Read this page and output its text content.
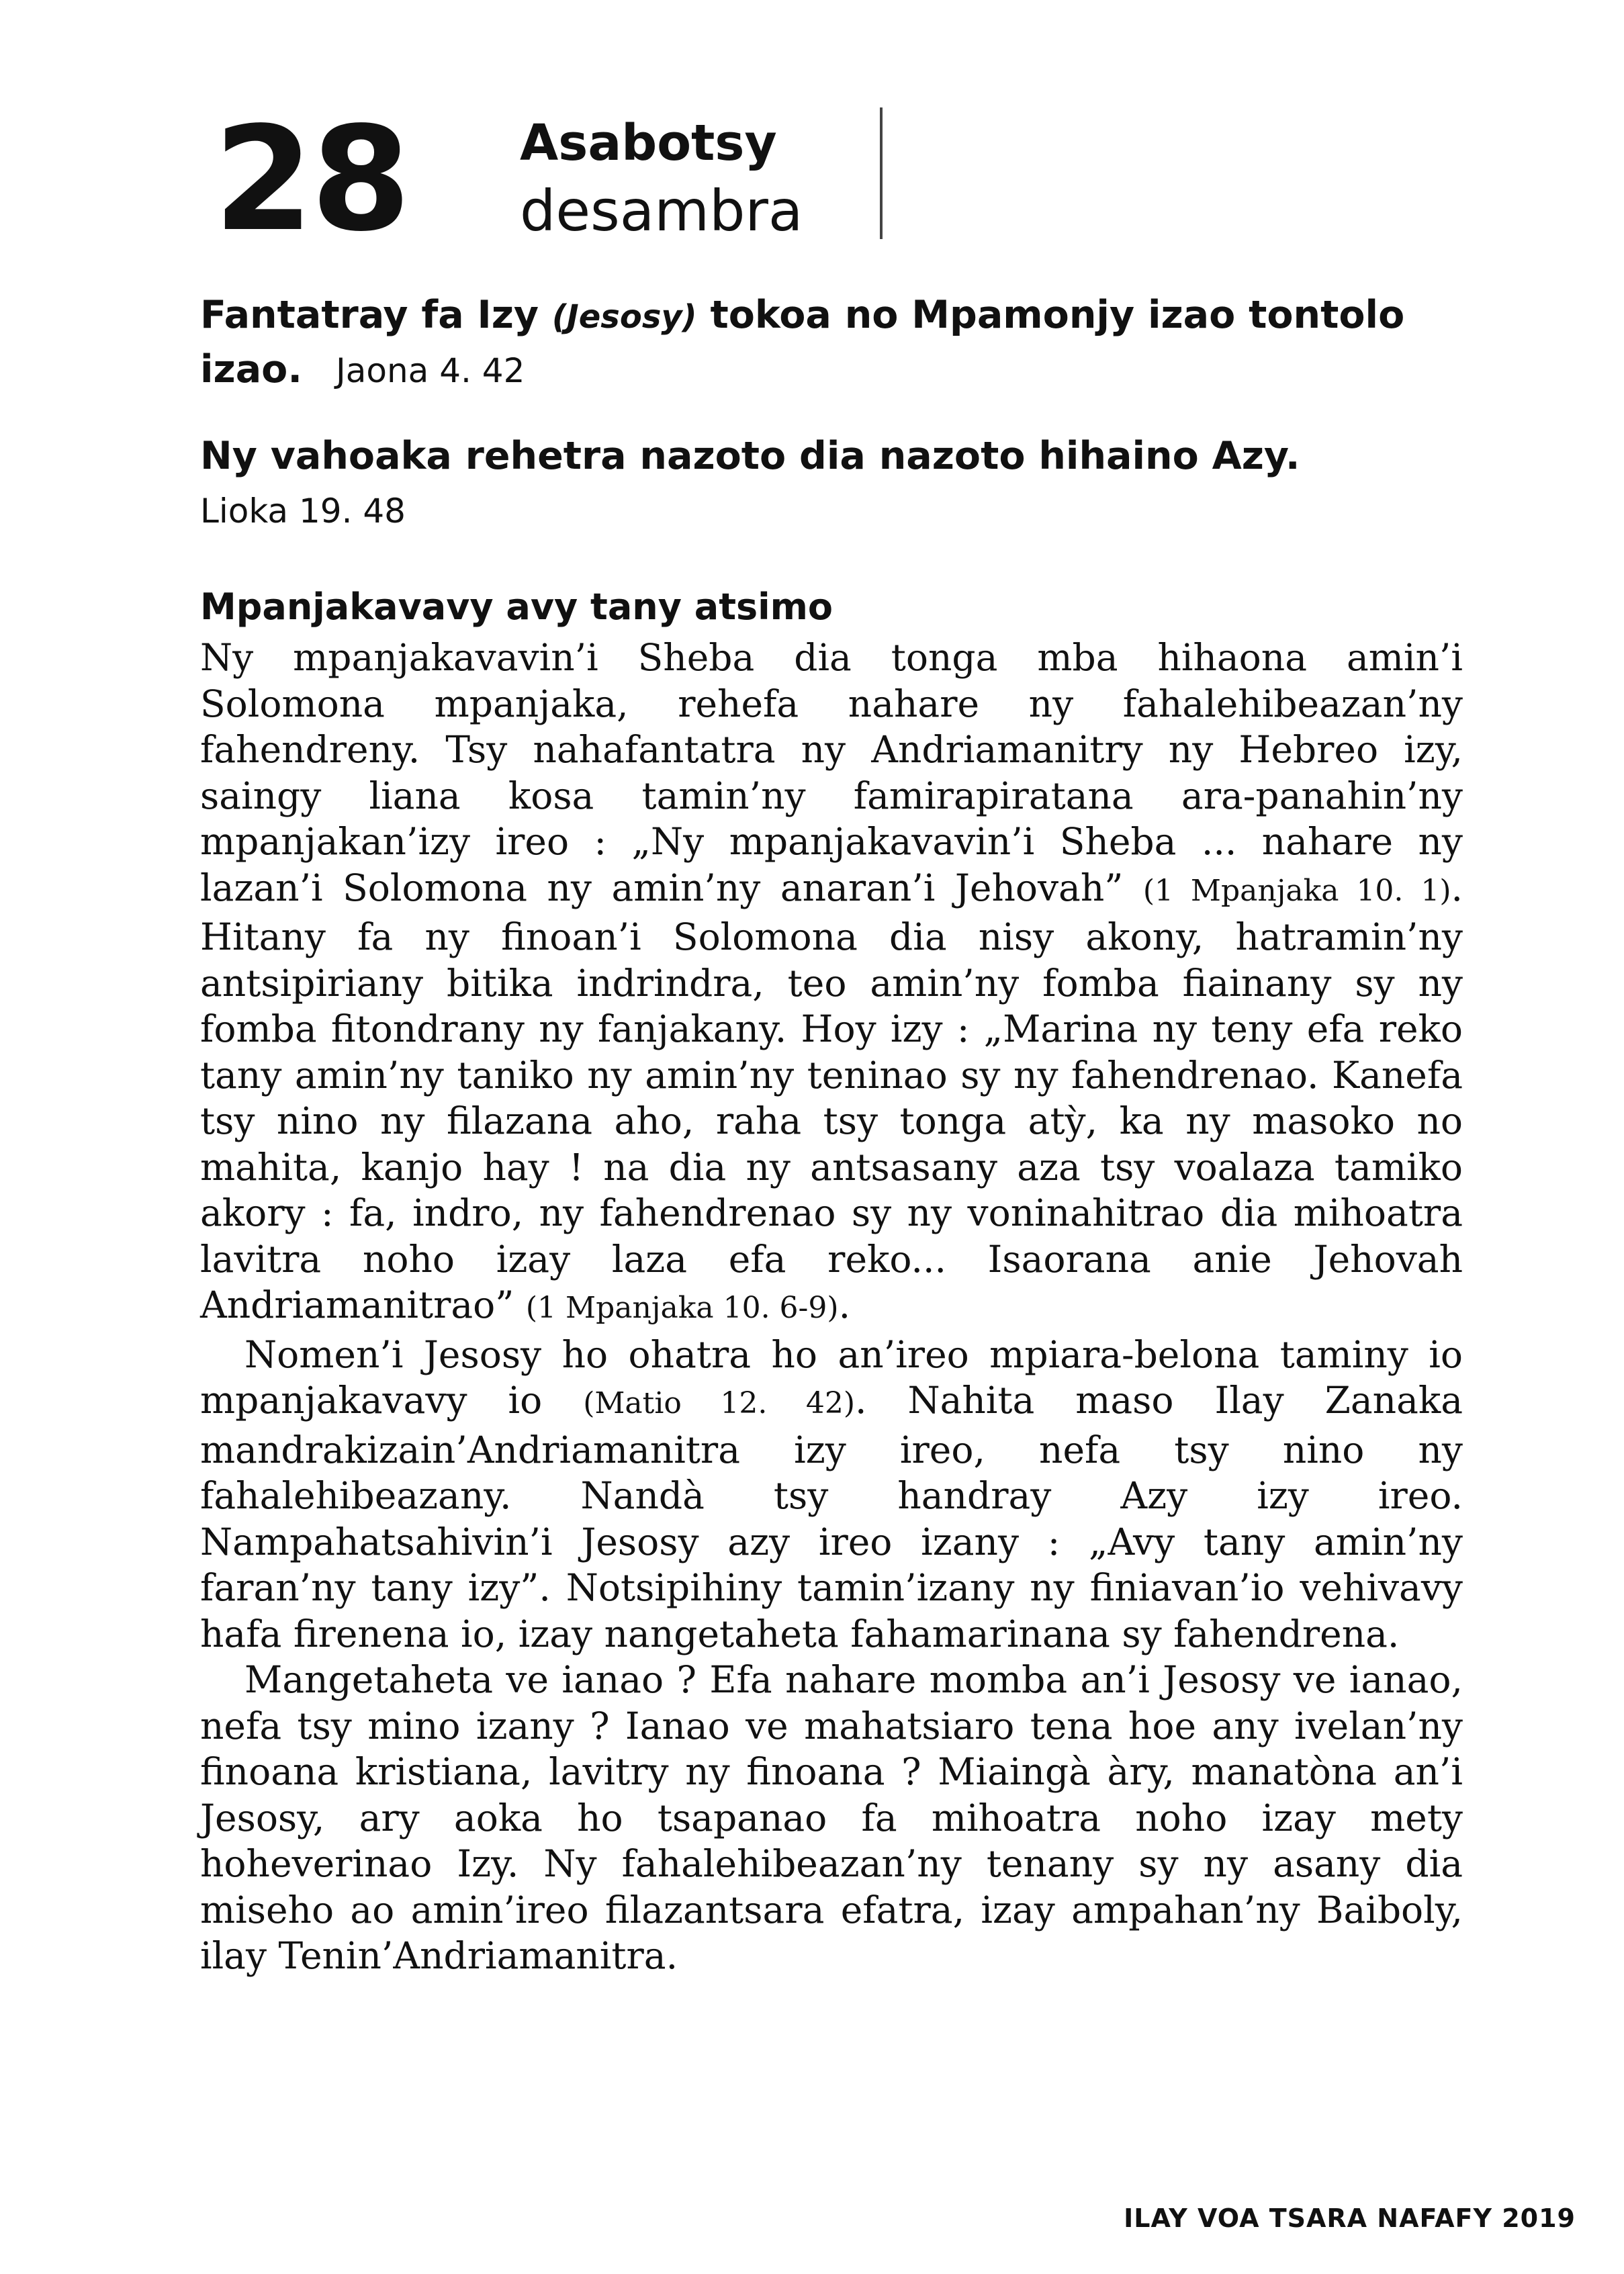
28 Asabotsy
desambra
Fantatray fa Izy (Jesosy) tokoa no Mpamonjy izao tontolo izao. Jaona 4. 42
Ny vahoaka rehetra nazoto dia nazoto hihaino Azy.
Lioka 19. 48
Mpanjakavavy avy tany atsimo

Ny mpanjakavavin’i Sheba dia tonga mba hihaona amin’i Solomona mpanjaka, rehefa nahare ny fahalehibeazan’ny fahendreny. Tsy nahafantatra ny Andriamanitry ny Hebreo izy, saingy liana kosa tamin’ny famirapiratana ara-panahin’ny mpanjakan’izy ireo : „Ny mpanjakavavin’i Sheba ... nahare ny lazan’i Solomona ny amin’ny anaran’i Jehovah” (1 Mpanjaka 10. 1). Hitany fa ny finoan’i Solomona dia nisy akony, hatramin’ny antsipiriany bitika indrindra, teo amin’ny fomba fiainany sy ny fomba fitondrany ny fanjakany. Hoy izy : „Marina ny teny efa reko tany amin’ny taniko ny amin’ny teninao sy ny fahendrenao. Kanefa tsy nino ny filazana aho, raha tsy tonga atỳ, ka ny masoko no mahita, kanjo hay ! na dia ny antsasany aza tsy voalaza tamiko akory : fa, indro, ny fahendrenao sy ny voninahitrao dia mihoatra lavitra noho izay laza efa reko... Isaorana anie Jehovah Andriamanitrao” (1 Mpanjaka 10. 6-9).

Nomen’i Jesosy ho ohatra ho an’ireo mpiara-belona taminy io mpanjakavavy io (Matio 12. 42). Nahita maso Ilay Zanaka mandrakizain’Andriamanitra izy ireo, nefa tsy nino ny fahalehibeazany. Nandà tsy handray Azy izy ireo. Nampahatsahivin’i Jesosy azy ireo izany : „Avy tany amin’ny faran’ny tany izy”. Notsipihiny tamin’izany ny finiavan’io vehivavy hafa firenena io, izay nangetaheta fahamarinana sy fahendrena.

Mangetaheta ve ianao ? Efa nahare momba an’i Jesosy ve ianao, nefa tsy mino izany ? Ianao ve mahatsiaro tena hoe any ivelan’ny finoana kristiana, lavitry ny finoana ? Miaingà àry, manatòna an’i Jesosy, ary aoka ho tsapanao fa mihoatra noho izay mety hoheverinao Izy. Ny fahalehibeazan’ny tenany sy ny asany dia miseho ao amin’ireo filazantsara efatra, izay ampahan’ny Baiboly, ilay Tenin’Andriamanitra.

ILAY VOA TSARA NAFAFY 2019
